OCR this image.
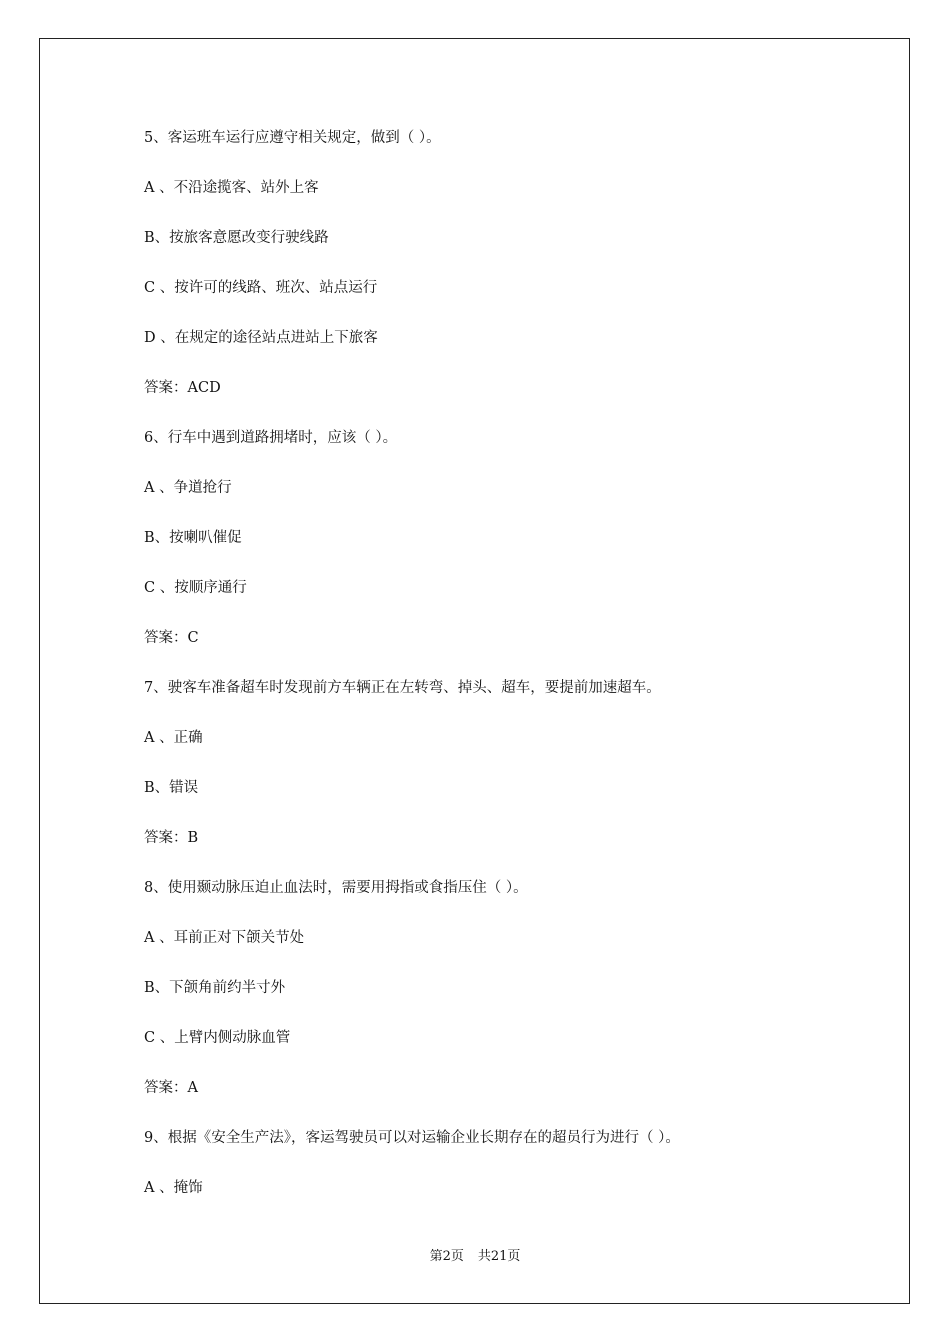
5、客运班车运行应遵守相关规定，做到（ ）。
A 、不沿途揽客、站外上客
B、按旅客意愿改变行驶线路
C 、按许可的线路、班次、站点运行
D 、在规定的途径站点进站上下旅客
答案：ACD
6、行车中遇到道路拥堵时，应该（ ）。
A 、争道抢行
B、按喇叭催促
C 、按顺序通行
答案：C
7、驶客车准备超车时发现前方车辆正在左转弯、掉头、超车，要提前加速超车。
A 、正确
B、错误
答案：B
8、使用颞动脉压迫止血法时，需要用拇指或食指压住（ ）。
A 、耳前正对下颌关节处
B、下颌角前约半寸外
C 、上臂内侧动脉血管
答案：A
9、根据《安全生产法》，客运驾驶员可以对运输企业长期存在的超员行为进行（ ）。
A 、掩饰
第2页 共21页
